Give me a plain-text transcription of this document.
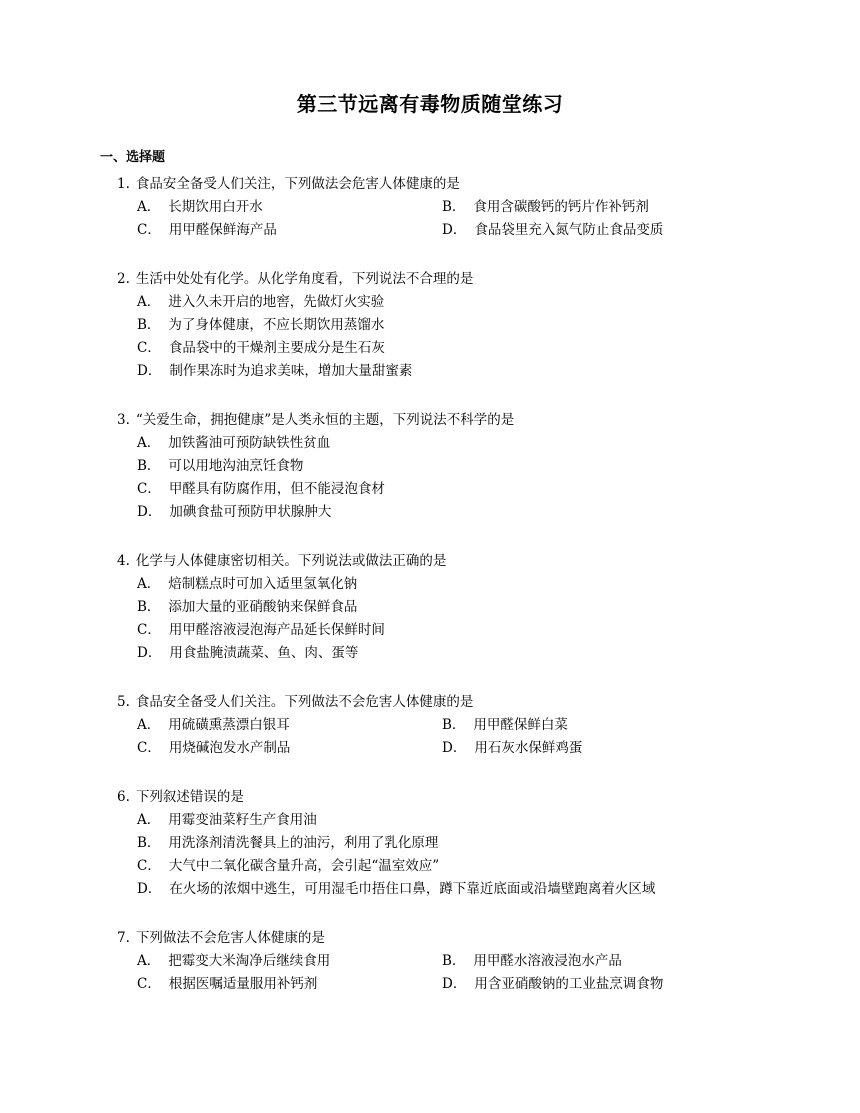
第三节远离有毒物质随堂练习
一、选择题
1. 食品安全备受人们关注，下列做法会危害人体健康的是
A． 长期饮用白开水	B． 食用含碳酸钙的钙片作补钙剂
C． 用甲醛保鲜海产品	D． 食品袋里充入氮气防止食品变质
2. 生活中处处有化学。从化学角度看，下列说法不合理的是
A． 进入久未开启的地窖，先做灯火实验
B． 为了身体健康，不应长期饮用蒸馏水
C． 食品袋中的干燥剂主要成分是生石灰
D． 制作果冻时为追求美味，增加大量甜蜜素
3. “关爱生命，拥抱健康”是人类永恒的主题，下列说法不科学的是
A． 加铁酱油可预防缺铁性贫血
B． 可以用地沟油烹饪食物
C． 甲醛具有防腐作用，但不能浸泡食材
D． 加碘食盐可预防甲状腺肿大
4. 化学与人体健康密切相关。下列说法或做法正确的是
A． 焙制糕点时可加入适里氢氧化钠
B． 添加大量的亚硝酸钠来保鲜食品
C． 用甲醛溶液浸泡海产品延长保鲜时间
D． 用食盐腌渍蔬菜、鱼、肉、蛋等
5. 食品安全备受人们关注。下列做法不会危害人体健康的是
A． 用硫磺熏蒸漂白银耳	B． 用甲醛保鲜白菜
C． 用烧碱泡发水产制品	D． 用石灰水保鲜鸡蛋
6. 下列叙述错误的是
A． 用霉变油菜籽生产食用油
B． 用洗涤剂清洗餐具上的油污，利用了乳化原理
C． 大气中二氧化碳含量升高，会引起“温室效应”
D． 在火场的浓烟中逃生，可用湿毛巾捂住口鼻，蹲下靠近底面或沿墙壁跑离着火区域
7. 下列做法不会危害人体健康的是
A． 把霉变大米淘净后继续食用	B． 用甲醛水溶液浸泡水产品
C． 根据医嘱适量服用补钙剂	D． 用含亚硝酸钠的工业盐烹调食物
